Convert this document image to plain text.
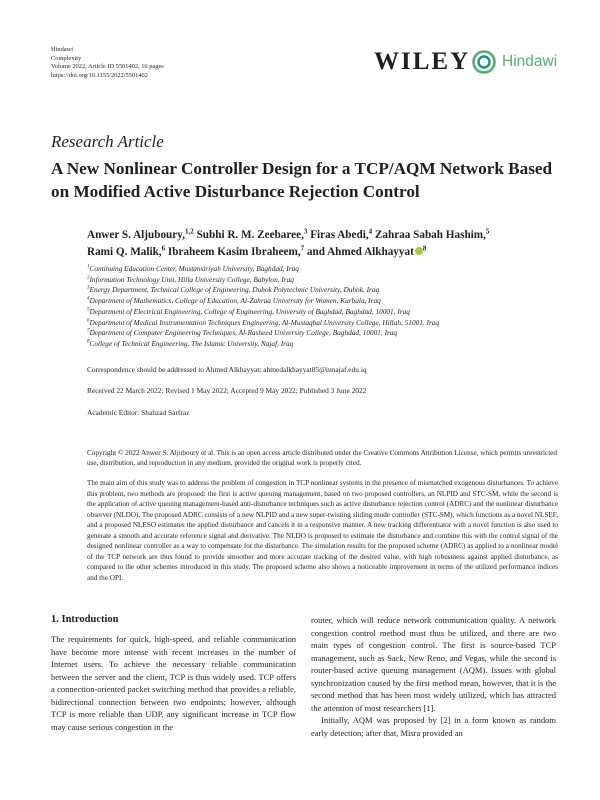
Hindawi
Complexity
Volume 2022, Article ID 5501402, 16 pages
https://doi.org/10.1155/2022/5501402
WILEY Hindawi
Research Article
A New Nonlinear Controller Design for a TCP/AQM Network Based on Modified Active Disturbance Rejection Control
Anwer S. Aljuboury,$^{1,2}$ Subhi R. M. Zeebaree,$^3$ Firas Abedi,$^4$ Zahraa Sabah Hashim,$^5$
Rami Q. Malik,$^6$ Ibraheem Kasim Ibraheem,$^7$ and Ahmed Alkhayyat $^8$
$^1$Continuing Education Center, Mustansiriyah University, Baghdad, Iraq
$^2$Information Technology Unit, Hilla University College, Babylon, Iraq
$^3$Energy Department, Technical College of Engineering, Duhok Polytechnic University, Duhok, Iraq
$^4$Department of Mathematics, College of Education, Al-Zahraa University for Women, Karbala, Iraq
$^5$Department of Electrical Engineering, College of Engineering, University of Baghdad, Baghdad, 10001, Iraq
$^6$Department of Medical Instrumentation Techniques Engineering, Al-Mustaqbal University College, Hillah, 51001, Iraq
$^7$Department of Computer Engineering Techniques, Al-Rasheed University College, Baghdad, 10001, Iraq
$^8$College of Technical Engineering, The Islamic University, Najaf, Iraq
Correspondence should be addressed to Ahmed Alkhayyat; ahmedalkhayyat85@iunajaf.edu.iq
Received 22 March 2022; Revised 1 May 2022; Accepted 9 May 2022; Published 3 June 2022
Academic Editor: Shahzad Sarfraz
Copyright © 2022 Anwer S. Aljuboury et al. This is an open access article distributed under the Creative Commons Attribution License, which permits unrestricted use, distribution, and reproduction in any medium, provided the original work is properly cited.
The main aim of this study was to address the problem of congestion in TCP nonlinear systems in the presence of mismatched exogenous disturbances. To achieve this problem, two methods are proposed: the first is active queuing management, based on two proposed controllers, an NLPID and STC-SM, while the second is the application of active queuing management-based anti-disturbance techniques such as active disturbance rejection control (ADRC) and the nonlinear disturbance observer (NLDO). The proposed ADRC consists of a new NLPID and a new super-twisting sliding mode controller (STC-SM), which functions as a novel NLSEF, and a proposed NLESO estimates the applied disturbance and cancels it in a responsive manner. A new tracking differentiator with a novel function is also used to generate a smooth and accurate reference signal and derivative. The NLDO is proposed to estimate the disturbance and combine this with the control signal of the designed nonlinear controller as a way to compensate for the disturbance. The simulation results for the proposed scheme (ADRC) as applied to a nonlinear model of the TCP network are thus found to provide smoother and more accurate tracking of the desired value, with high robustness against applied disturbance, as compared to the other schemes introduced in this study. The proposed scheme also shows a noticeable improvement in terms of the utilized performance indices and the OPI.
1. Introduction

The requirements for quick, high-speed, and reliable communication have become more intense with recent increases in the number of Internet users. To achieve the necessary reliable communication between the server and the client, TCP is thus widely used. TCP offers a connection-oriented packet switching method that provides a reliable, bidirectional connection between two endpoints; however, although TCP is more reliable than UDP, any significant increase in TCP flow may cause serious congestion in the

router, which will reduce network communication quality. A network congestion control method must thus be utilized, and there are two main types of congestion control. The first is source-based TCP management, such as Sack, New Reno, and Vegas, while the second is router-based active queuing management (AQM). Issues with global synchronization caused by the first method mean, however, that it is the second method that has been most widely utilized, which has attracted the attention of most researchers [1].

Initially, AQM was proposed by [2] in a form known as random early detection; after that, Misra provided an
